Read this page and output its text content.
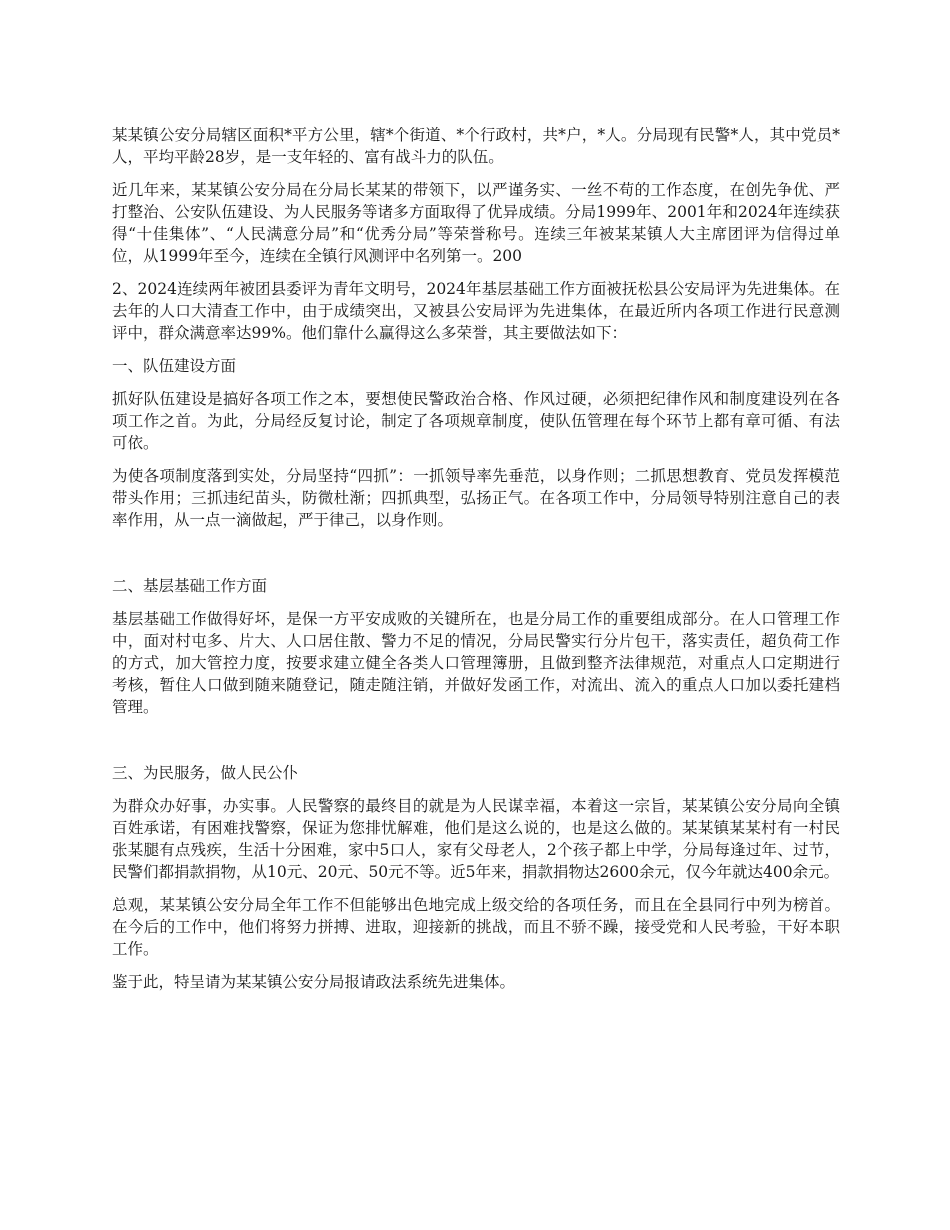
某某镇公安分局辖区面积*平方公里，辖*个街道、*个行政村，共*户，*人。分局现有民警*人，其中党员*人，平均平龄28岁，是一支年轻的、富有战斗力的队伍。

近几年来，某某镇公安分局在分局长某某的带领下，以严谨务实、一丝不苟的工作态度，在创先争优、严打整治、公安队伍建设、为人民服务等诸多方面取得了优异成绩。分局1999年、2001年和2024年连续获得“十佳集体”、“人民满意分局”和“优秀分局”等荣誉称号。连续三年被某某镇人大主席团评为信得过单位，从1999年至今，连续在全镇行风测评中名列第一。200

2、2024连续两年被团县委评为青年文明号，2024年基层基础工作方面被抚松县公安局评为先进集体。在去年的人口大清查工作中，由于成绩突出，又被县公安局评为先进集体，在最近所内各项工作进行民意测评中，群众满意率达99%。他们靠什么赢得这么多荣誉，其主要做法如下：

一、队伍建设方面

抓好队伍建设是搞好各项工作之本，要想使民警政治合格、作风过硬，必须把纪律作风和制度建设列在各项工作之首。为此，分局经反复讨论，制定了各项规章制度，使队伍管理在每个环节上都有章可循、有法可依。

为使各项制度落到实处，分局坚持“四抓”：一抓领导率先垂范，以身作则；二抓思想教育、党员发挥模范带头作用；三抓违纪苗头，防微杜渐；四抓典型，弘扬正气。在各项工作中，分局领导特别注意自己的表率作用，从一点一滴做起，严于律己，以身作则。

二、基层基础工作方面

基层基础工作做得好坏，是保一方平安成败的关键所在，也是分局工作的重要组成部分。在人口管理工作中，面对村屯多、片大、人口居住散、警力不足的情况，分局民警实行分片包干，落实责任，超负荷工作的方式，加大管控力度，按要求建立健全各类人口管理簿册，且做到整齐法律规范，对重点人口定期进行考核，暂住人口做到随来随登记，随走随注销，并做好发函工作，对流出、流入的重点人口加以委托建档管理。

三、为民服务，做人民公仆

为群众办好事，办实事。人民警察的最终目的就是为人民谋幸福，本着这一宗旨，某某镇公安分局向全镇百姓承诺，有困难找警察，保证为您排忧解难，他们是这么说的，也是这么做的。某某镇某某村有一村民张某腿有点残疾，生活十分困难，家中5口人，家有父母老人，2个孩子都上中学，分局每逢过年、过节，民警们都捐款捐物，从10元、20元、50元不等。近5年来，捐款捐物达2600余元，仅今年就达400余元。

总观，某某镇公安分局全年工作不但能够出色地完成上级交给的各项任务，而且在全县同行中列为榜首。在今后的工作中，他们将努力拼搏、进取，迎接新的挑战，而且不骄不躁，接受党和人民考验，干好本职工作。

鉴于此，特呈请为某某镇公安分局报请政法系统先进集体。
